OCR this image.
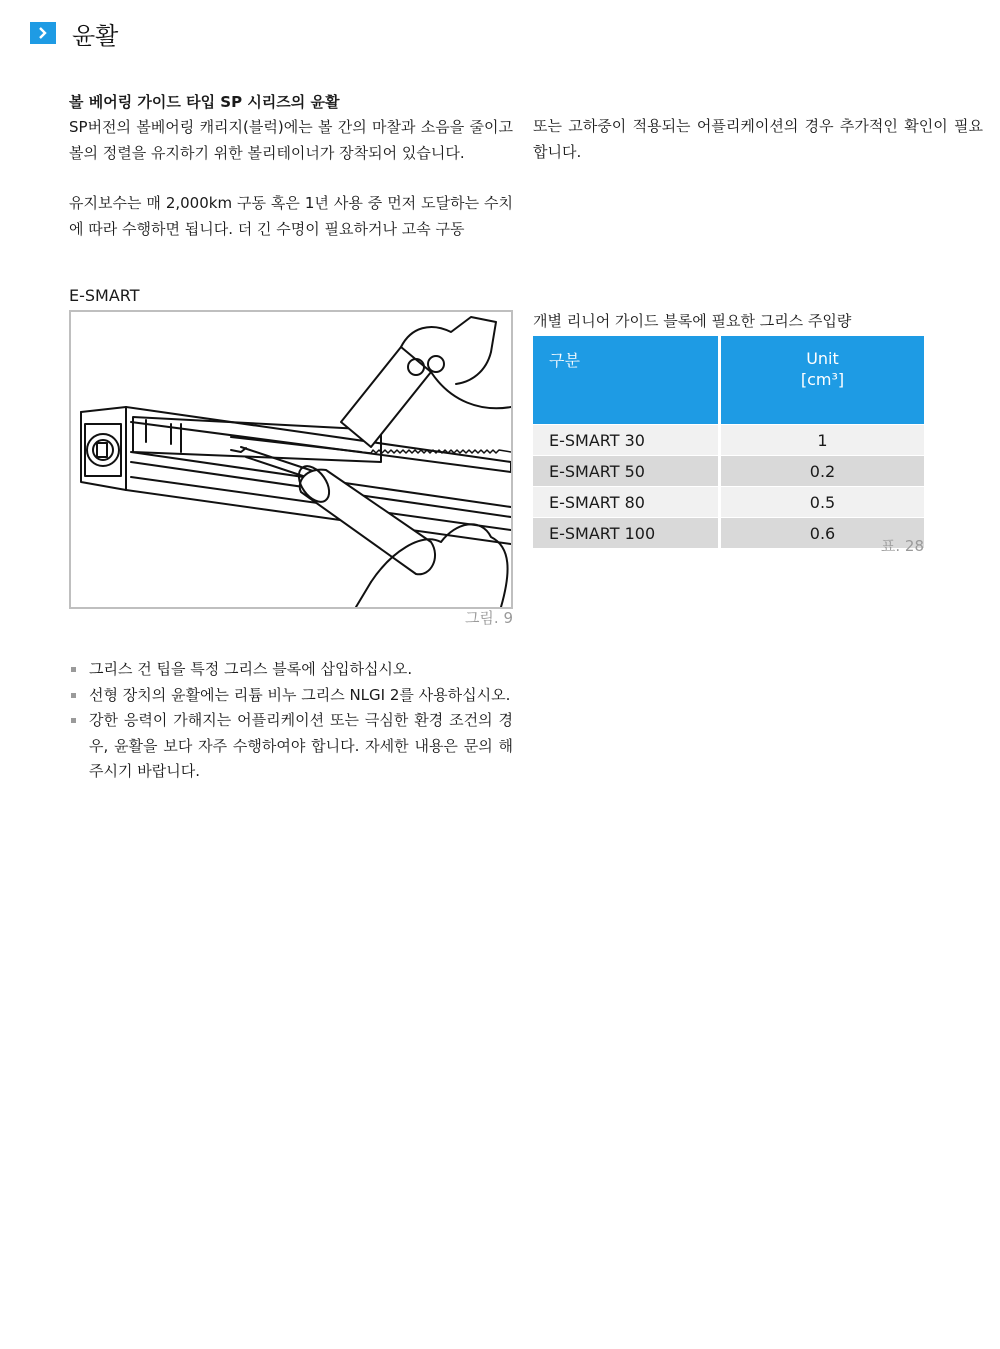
윤활
볼 베어링 가이드 타입 SP 시리즈의 윤활

SP버전의 볼베어링 캐리지(블럭)에는 볼 간의 마찰과 소음을 줄이고 볼의 정렬을 유지하기 위한 볼리테이너가 장착되어 있습니다.

유지보수는 매 2,000km 구동 혹은 1년 사용 중 먼저 도달하는 수치에 따라 수행하면 됩니다. 더 긴 수명이 필요하거나 고속 구동

또는 고하중이 적용되는 어플리케이션의 경우 추가적인 확인이 필요합니다.

E-SMART
그림. 9
개별 리니어 가이드 블록에 필요한 그리스 주입량
구분	Unit
[cm³]

E-SMART 30	1
E-SMART 50	0.2
E-SMART 80	0.5
E-SMART 100	0.6
표. 28
그리스 건 팁을 특정 그리스 블록에 삽입하십시오.
선형 장치의 윤활에는 리튬 비누 그리스 NLGI 2를 사용하십시오.
강한 응력이 가해지는 어플리케이션 또는 극심한 환경 조건의 경우, 윤활을 보다 자주 수행하여야 합니다. 자세한 내용은 문의 해주시기 바랍니다.
